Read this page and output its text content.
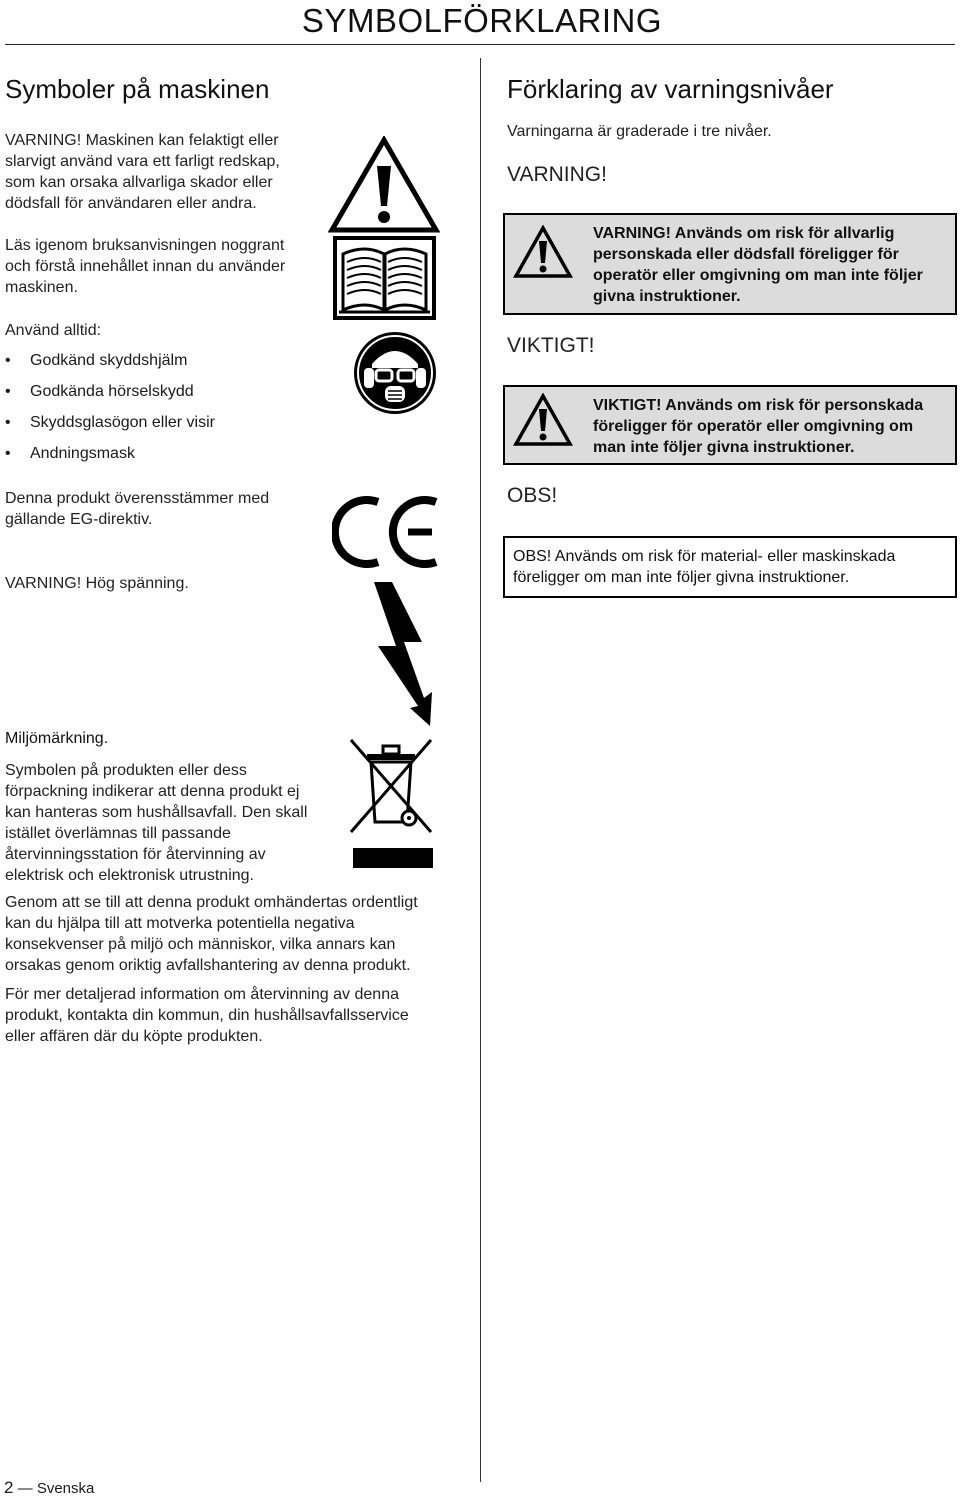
SYMBOLFÖRKLARING
Symboler på maskinen
VARNING! Maskinen kan felaktigt eller
slarvigt använd vara ett farligt redskap,
som kan orsaka allvarliga skador eller
dödsfall för användaren eller andra.
Läs igenom bruksanvisningen noggrant
och förstå innehållet innan du använder
maskinen.
Använd alltid:
•	Godkänd skyddshjälm
•	Godkända hörselskydd
•	Skyddsglasögon eller visir
•	Andningsmask
Denna produkt överensstämmer med
gällande EG-direktiv.
VARNING! Hög spänning.
Miljömärkning.
Symbolen på produkten eller dess
förpackning indikerar att denna produkt ej
kan hanteras som hushållsavfall. Den skall
istället överlämnas till passande
återvinningsstation för återvinning av
elektrisk och elektronisk utrustning.
Genom att se till att denna produkt omhändertas ordentligt
kan du hjälpa till att motverka potentiella negativa
konsekvenser på miljö och människor, vilka annars kan
orsakas genom oriktig avfallshantering av denna produkt.
För mer detaljerad information om återvinning av denna
produkt, kontakta din kommun, din hushållsavfallsservice
eller affären där du köpte produkten.
Förklaring av varningsnivåer
Varningarna är graderade i tre nivåer.
VARNING!
VARNING! Används om risk för allvarlig
personskada eller dödsfall föreligger för
operatör eller omgivning om man inte följer
givna instruktioner.
VIKTIGT!
VIKTIGT! Används om risk för personskada
föreligger för operatör eller omgivning om
man inte följer givna instruktioner.
OBS!
OBS! Används om risk för material- eller maskinskada
föreligger om man inte följer givna instruktioner.
2 — Svenska
